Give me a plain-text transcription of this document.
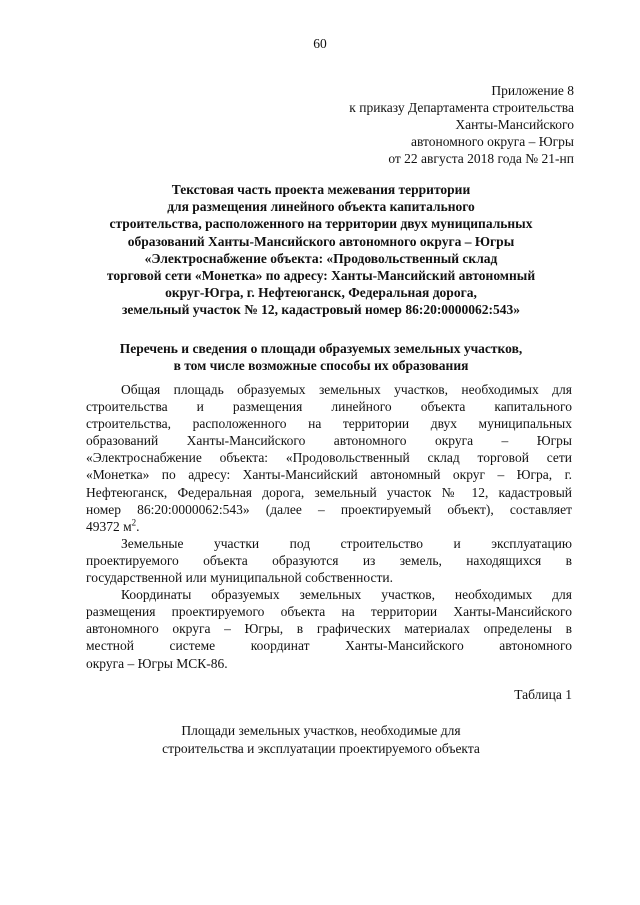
60
Приложение 8
к приказу Департамента строительства
Ханты-Мансийского
автономного округа – Югры
от 22 августа 2018 года № 21-нп
Текстовая часть проекта межевания территории
для размещения линейного объекта капитального
строительства, расположенного на территории двух муниципальных
образований Ханты-Мансийского автономного округа – Югры
«Электроснабжение объекта: «Продовольственный склад
торговой сети «Монетка» по адресу: Ханты-Мансийский автономный
округ-Югра, г. Нефтеюганск, Федеральная дорога,
земельный участок № 12, кадастровый номер 86:20:0000062:543»
Перечень и сведения о площади образуемых земельных участков,
в том числе возможные способы их образования
Общая площадь образуемых земельных участков, необходимых для
строительства и размещения линейного объекта капитального
строительства, расположенного на территории двух муниципальных
образований Ханты-Мансийского автономного округа – Югры
«Электроснабжение объекта: «Продовольственный склад торговой сети
«Монетка» по адресу: Ханты-Мансийский автономный округ – Югра, г.
Нефтеюганск, Федеральная дорога, земельный участок № 12, кадастровый
номер 86:20:0000062:543» (далее – проектируемый объект), составляет
49372 $м^2$.
Земельные участки под строительство и эксплуатацию
проектируемого объекта образуются из земель, находящихся в
государственной или муниципальной собственности.
Координаты образуемых земельных участков, необходимых для
размещения проектируемого объекта на территории Ханты-Мансийского
автономного округа – Югры, в графических материалах определены в
местной системе координат Ханты-Мансийского автономного
округа – Югры МСК-86.
Таблица 1
Площади земельных участков, необходимые для
строительства и эксплуатации проектируемого объекта
